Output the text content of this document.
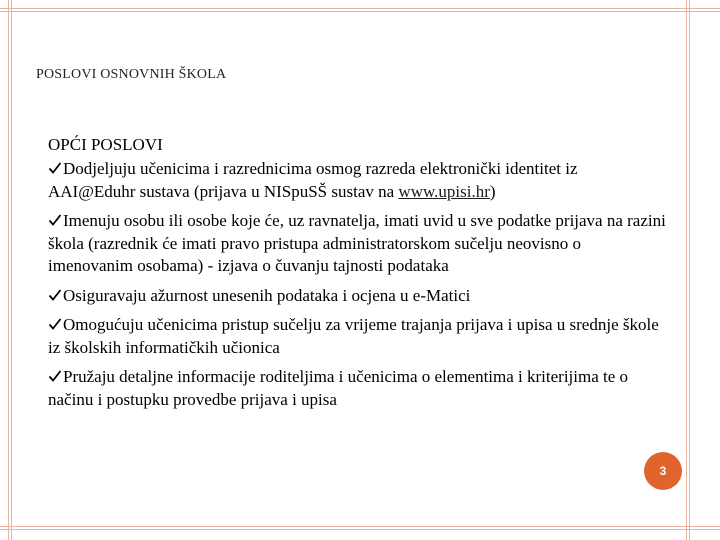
POSLOVI OSNOVNIH ŠKOLA
OPĆI POSLOVI
Dodjeljuju učenicima i razrednicima osmog razreda elektronički identitet iz AAI@Eduhr sustava (prijava u NISpuSŠ sustav na www.upisi.hr)
Imenuju osobu ili osobe koje će, uz ravnatelja, imati uvid u sve podatke prijava na razini škola (razrednik će imati pravo pristupa administratorskom sučelju neovisno o imenovanim osobama) - izjava o čuvanju tajnosti podataka
Osiguravaju ažurnost unesenih podataka i ocjena u e-Matici
Omogućuju učenicima pristup sučelju za vrijeme trajanja prijava i upisa u srednje škole iz školskih informatičkih učionica
Pružaju detaljne informacije roditeljima i učenicima o elementima i kriterijima te o načinu i postupku provedbe prijava i upisa
3
